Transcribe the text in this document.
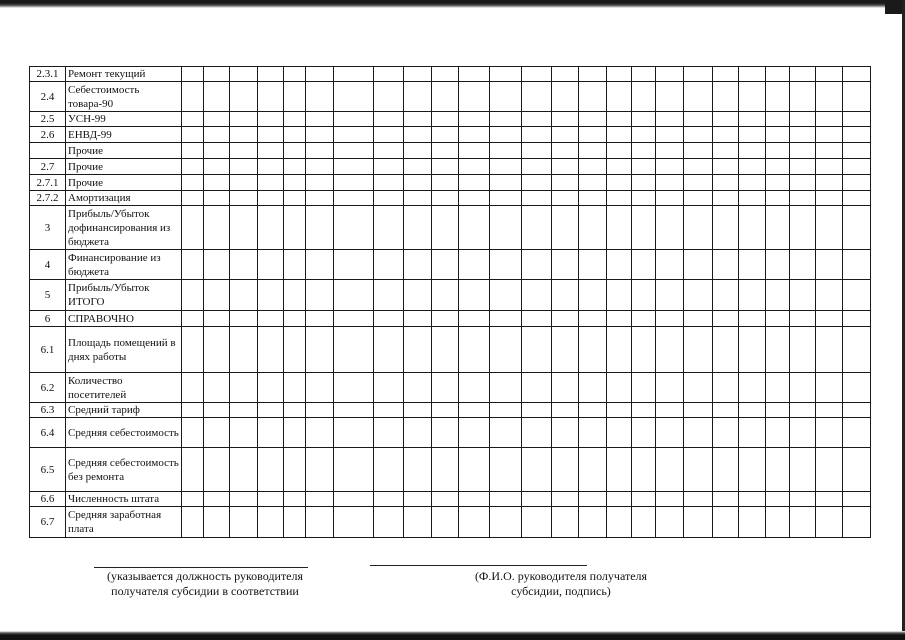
2.3.1	Ремонт текущий																									
2.4	Себестоимость товара-90																									
2.5	УСН-99																									
2.6	ЕНВД-99																									
	Прочие																									
2.7	Прочие																									
2.7.1	Прочие																									
2.7.2	Амортизация																									
3	Прибыль/Убыток дофинансирования из бюджета																									
4	Финансирование из бюджета																									
5	Прибыль/Убыток ИТОГО																									
6	СПРАВОЧНО																									
6.1	Площадь помещений в днях работы																									
6.2	Количество посетителей																									
6.3	Средний тариф																									
6.4	Средняя себестоимость																									
6.5	Средняя себестоимость без ремонта																									
6.6	Численность штата																									
6.7	Средняя заработная плата																									
(указывается должность руководителя получателя субсидии в соответствии
(Ф.И.О. руководителя получателя субсидии, подпись)
